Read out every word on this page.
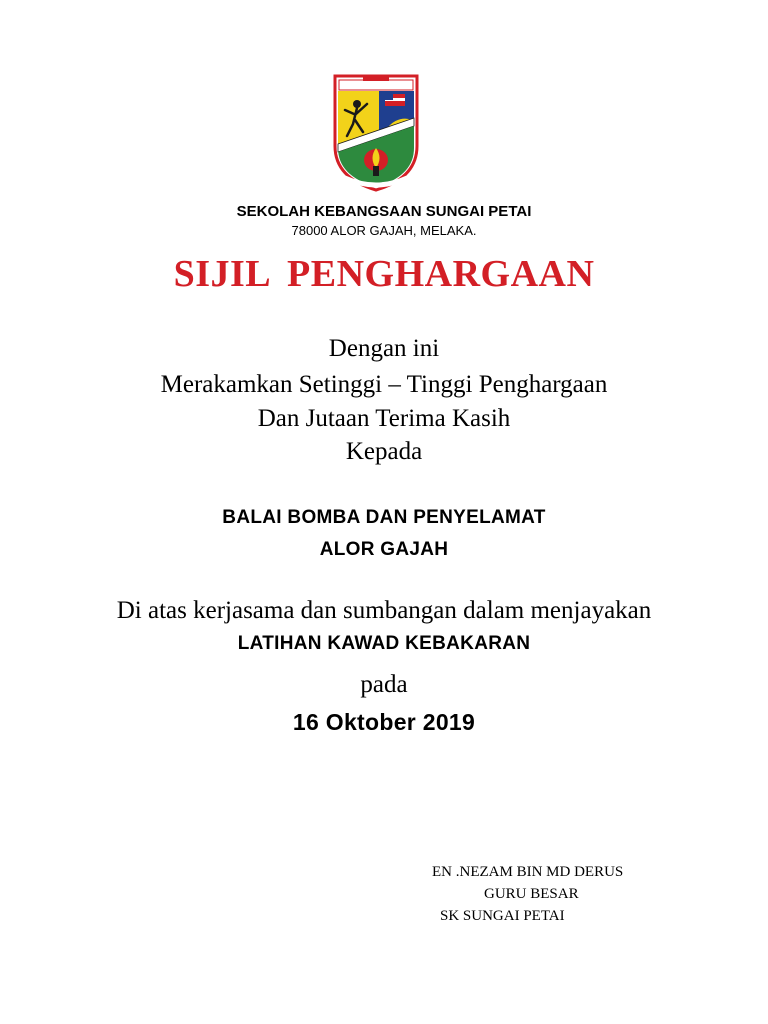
SEKOLAH KEBANGSAAN SUNGAI PETAI
78000 ALOR GAJAH, MELAKA.
SIJIL PENGHARGAAN
Dengan ini
Merakamkan Setinggi – Tinggi Penghargaan
Dan Jutaan Terima Kasih
Kepada
BALAI BOMBA DAN PENYELAMAT
ALOR GAJAH
Di atas kerjasama dan sumbangan dalam menjayakan
LATIHAN KAWAD KEBAKARAN
pada
16 Oktober 2019
EN .NEZAM BIN MD DERUS
GURU BESAR
SK SUNGAI PETAI
